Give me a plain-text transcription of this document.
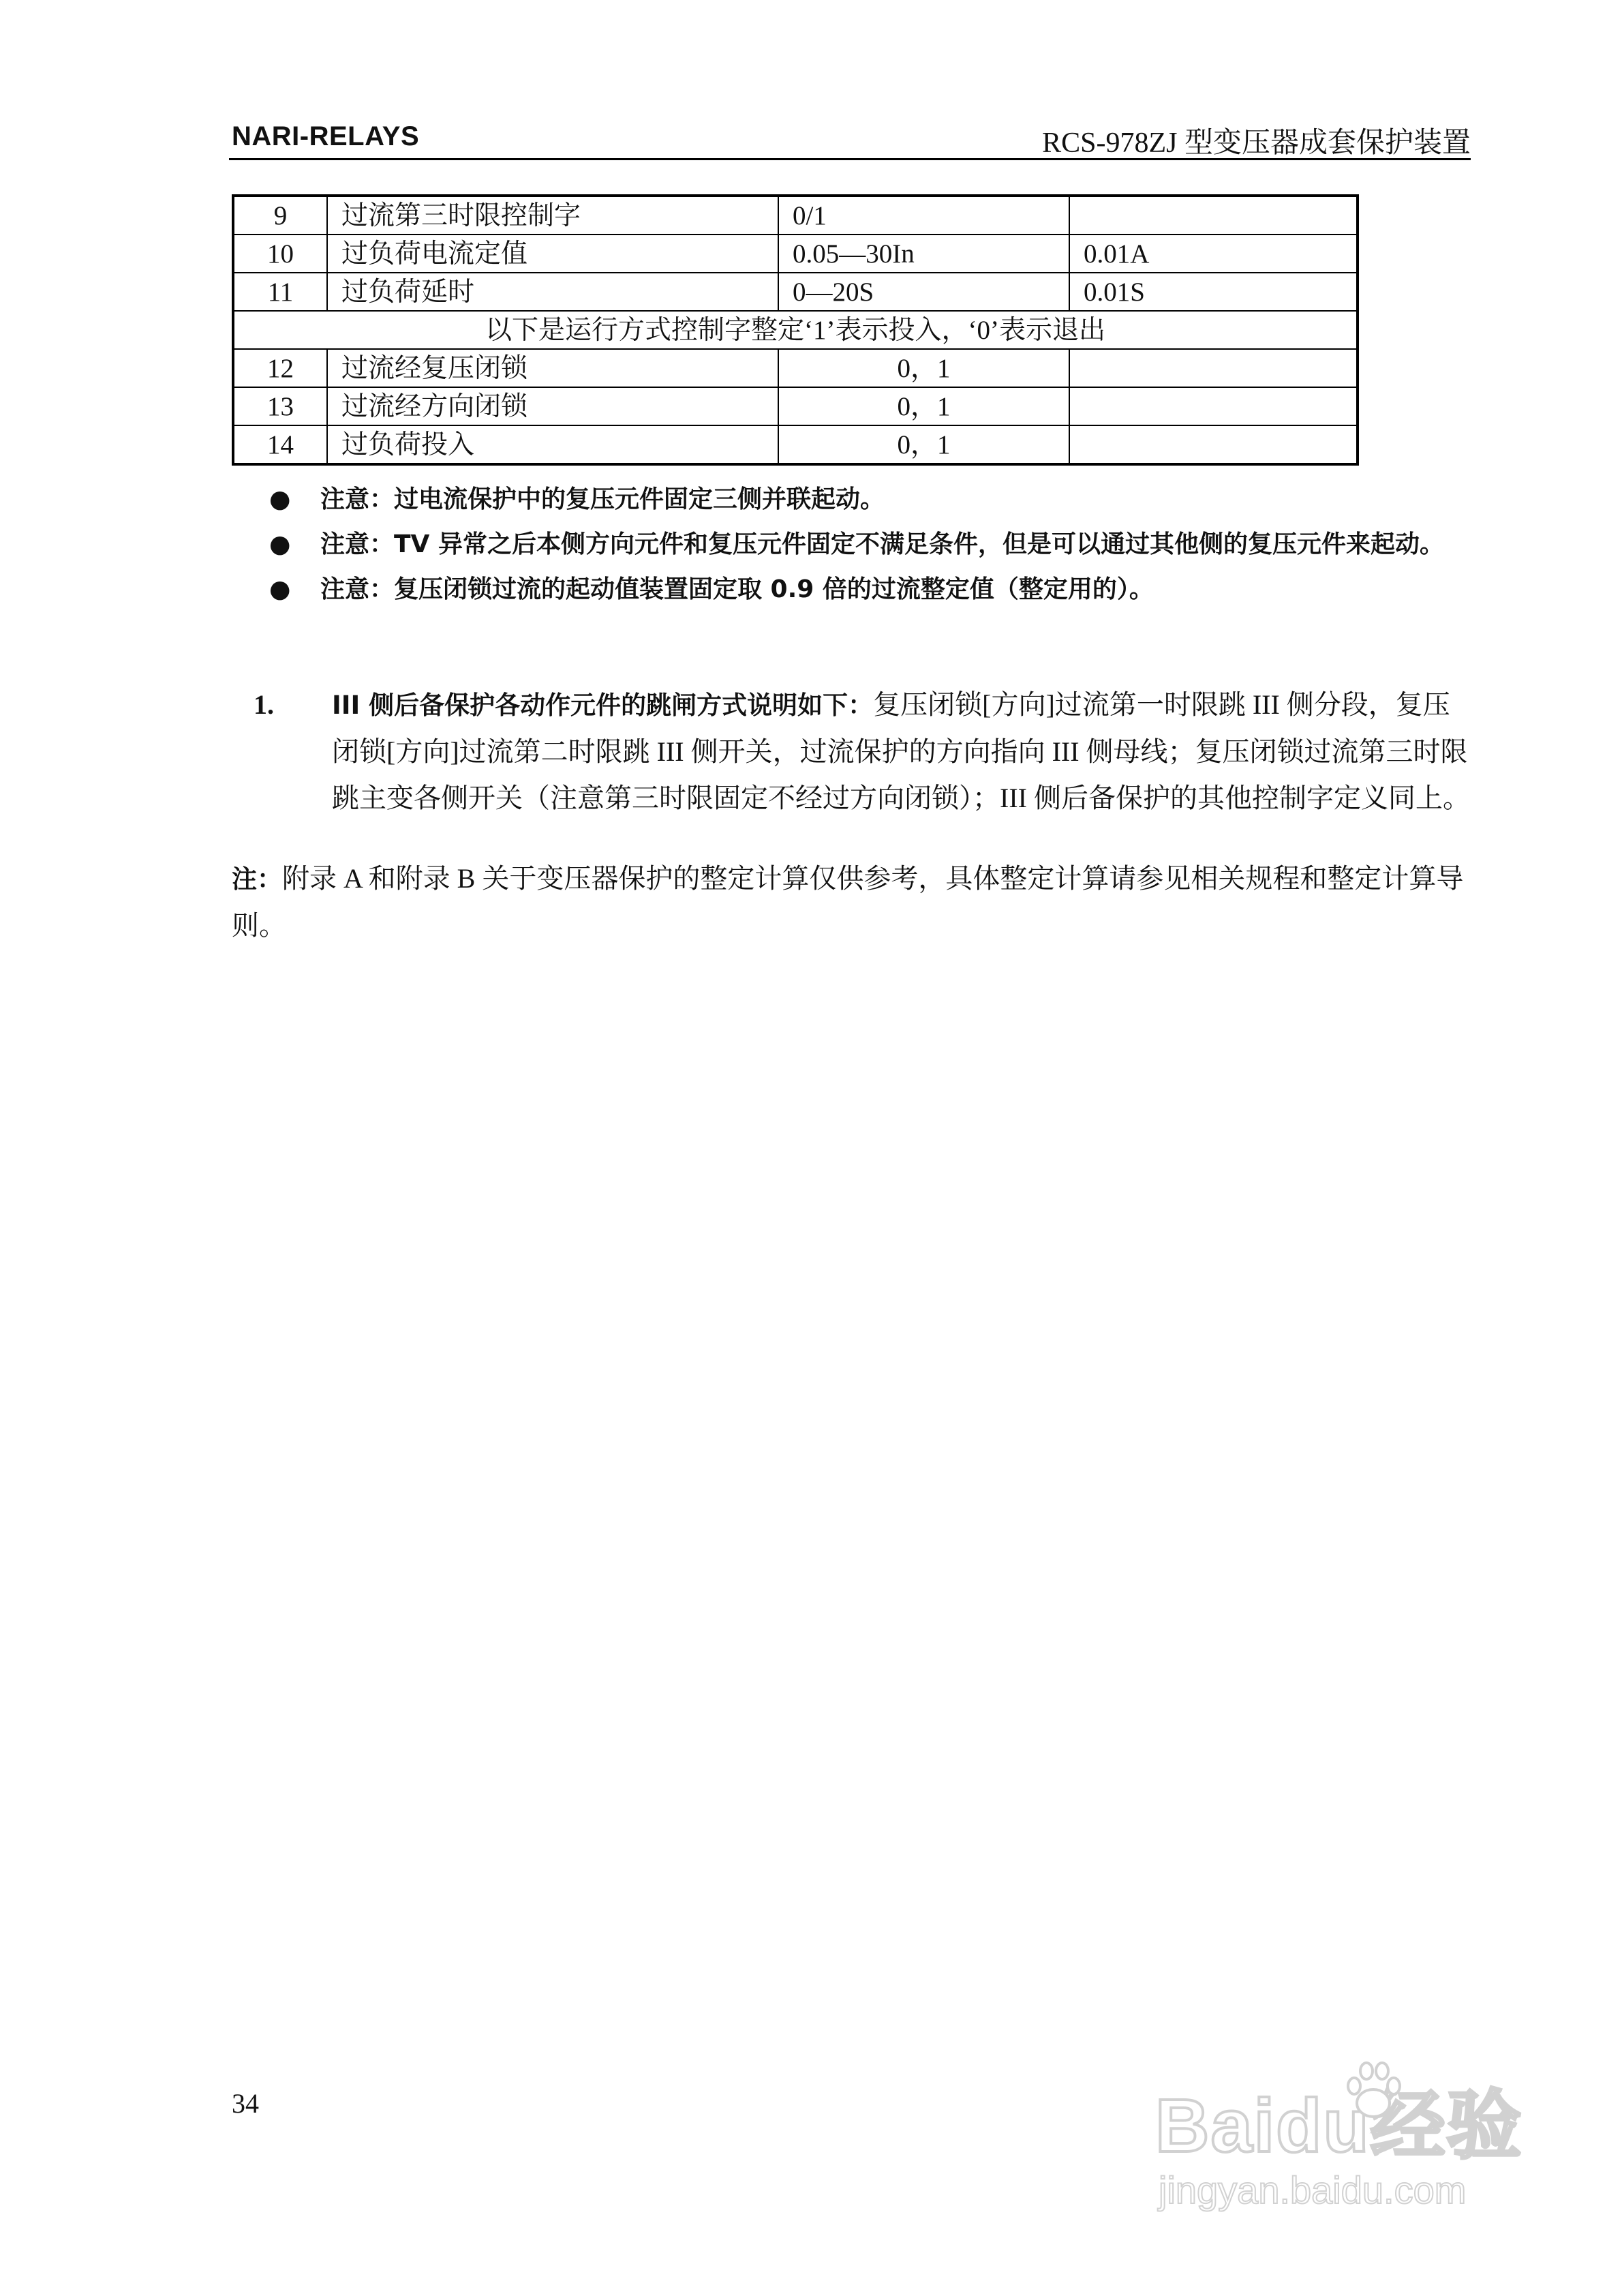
NARI-RELAYS	RCS-978ZJ 型变压器成套保护装置
9	过流第三时限控制字	0/1	
10	过负荷电流定值	0.05—30In	0.01A
11	过负荷延时	0—20S	0.01S
以下是运行方式控制字整定‘1’表示投入，‘0’表示退出			
12	过流经复压闭锁	0，1	
13	过流经方向闭锁	0，1	
14	过负荷投入	0，1	
●	注意：过电流保护中的复压元件固定三侧并联起动。
●	注意：TV 异常之后本侧方向元件和复压元件固定不满足条件，但是可以通过其他侧的复压元件来起动。
●	注意：复压闭锁过流的起动值装置固定取 0.9 倍的过流整定值（整定用的）。
1.	III 侧后备保护各动作元件的跳闸方式说明如下：复压闭锁[方向]过流第一时限跳 III 侧分段，复压闭锁[方向]过流第二时限跳 III 侧开关，过流保护的方向指向 III 侧母线；复压闭锁过流第三时限跳主变各侧开关（注意第三时限固定不经过方向闭锁）；III 侧后备保护的其他控制字定义同上。
注：附录 A 和附录 B 关于变压器保护的整定计算仅供参考，具体整定计算请参见相关规程和整定计算导则。
34	Baidu经验
jingyan.baidu.com
